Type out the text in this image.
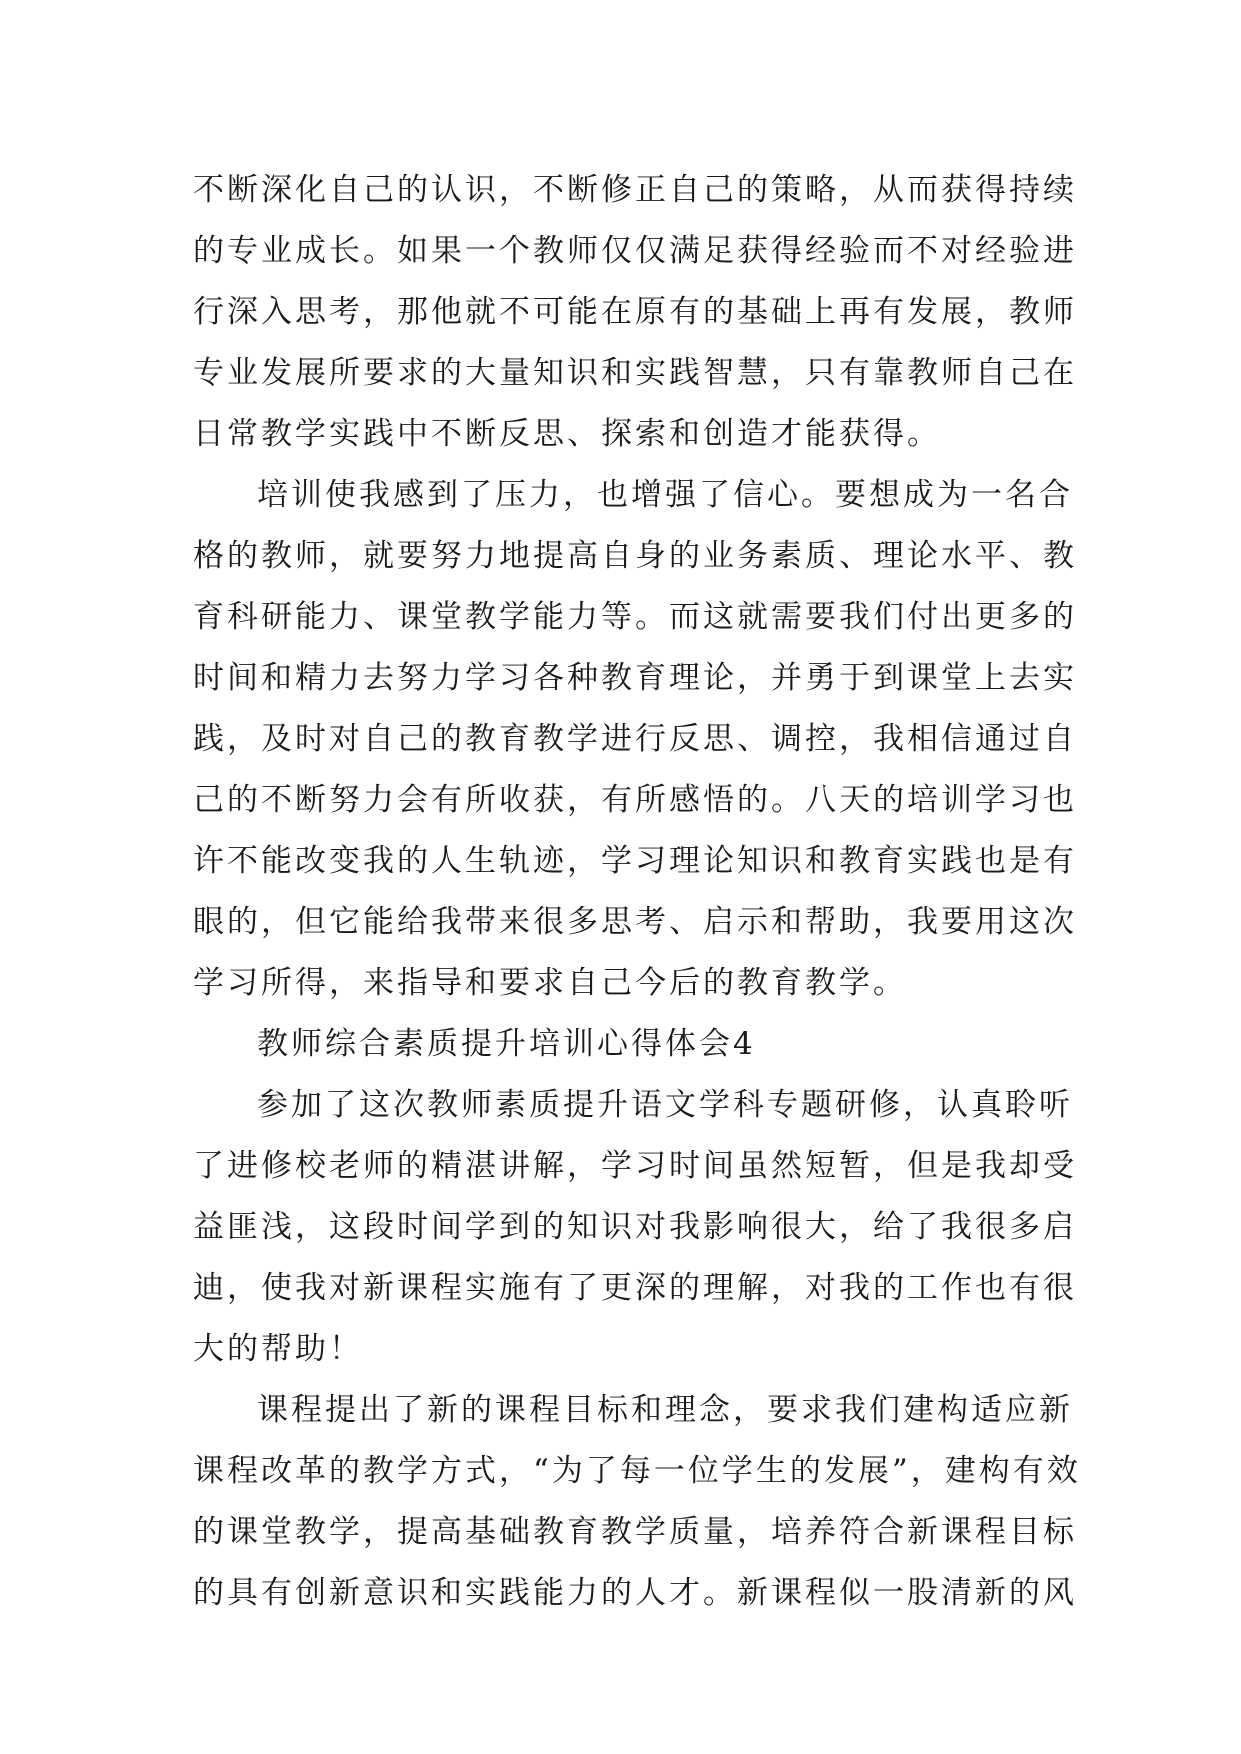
不断深化自己的认识，不断修正自己的策略，从而获得持续
的专业成长。如果一个教师仅仅满足获得经验而不对经验进
行深入思考，那他就不可能在原有的基础上再有发展，教师
专业发展所要求的大量知识和实践智慧，只有靠教师自己在
日常教学实践中不断反思、探索和创造才能获得。
培训使我感到了压力，也增强了信心。要想成为一名合
格的教师，就要努力地提高自身的业务素质、理论水平、教
育科研能力、课堂教学能力等。而这就需要我们付出更多的
时间和精力去努力学习各种教育理论，并勇于到课堂上去实
践，及时对自己的教育教学进行反思、调控，我相信通过自
己的不断努力会有所收获，有所感悟的。八天的培训学习也
许不能改变我的人生轨迹，学习理论知识和教育实践也是有
眼的，但它能给我带来很多思考、启示和帮助，我要用这次
学习所得，来指导和要求自己今后的教育教学。
教师综合素质提升培训心得体会4
参加了这次教师素质提升语文学科专题研修，认真聆听
了进修校老师的精湛讲解，学习时间虽然短暂，但是我却受
益匪浅，这段时间学到的知识对我影响很大，给了我很多启
迪，使我对新课程实施有了更深的理解，对我的工作也有很
大的帮助！
课程提出了新的课程目标和理念，要求我们建构适应新
课程改革的教学方式，“为了每一位学生的发展”，建构有效
的课堂教学，提高基础教育教学质量，培养符合新课程目标
的具有创新意识和实践能力的人才。新课程似一股清新的风
